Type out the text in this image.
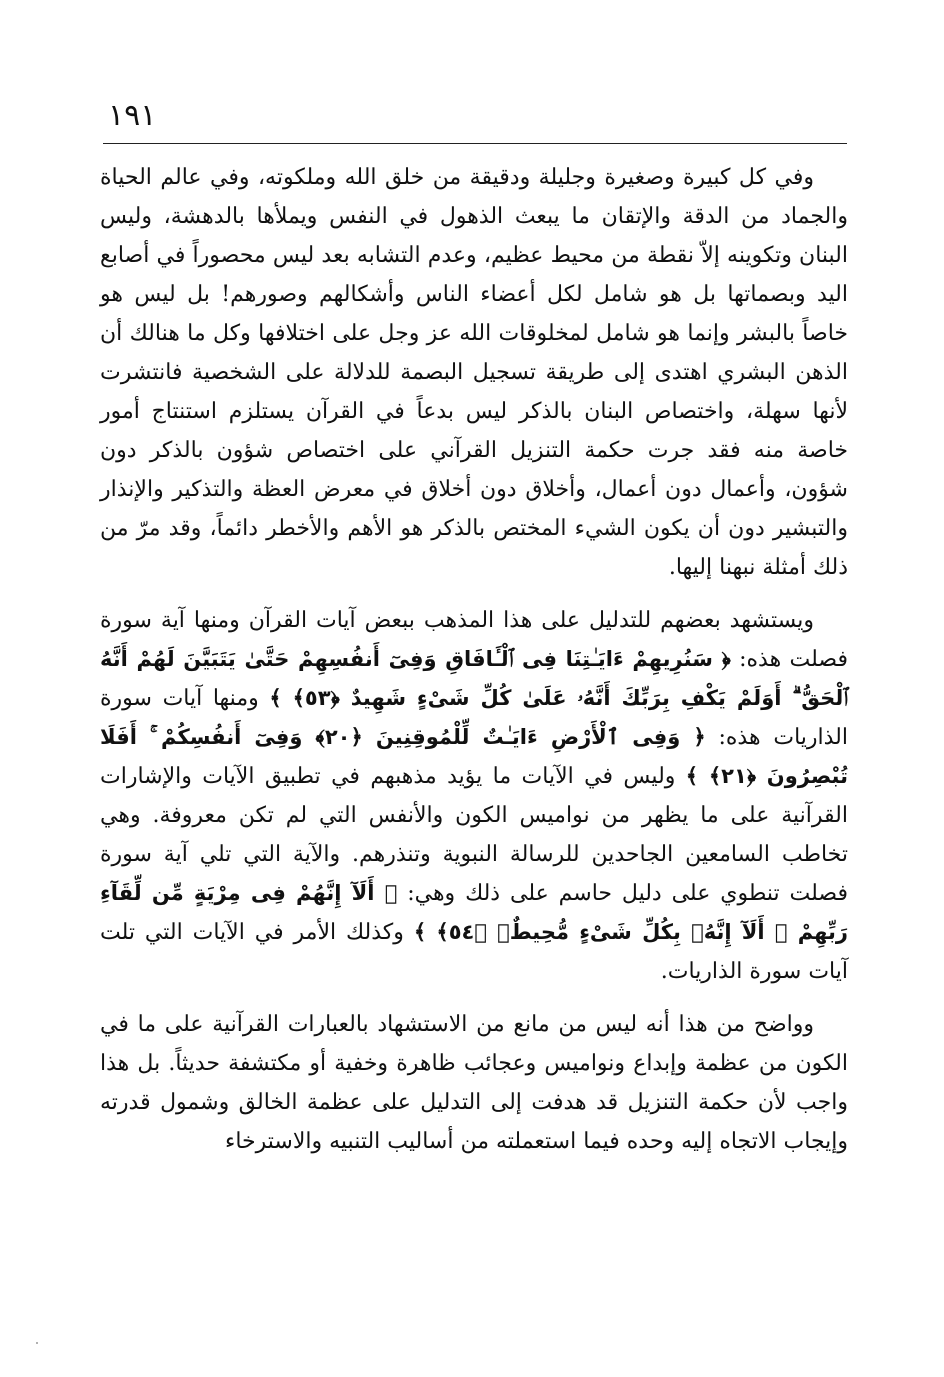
١٩١

وفي كل كبيرة وصغيرة وجليلة ودقيقة من خلق الله وملكوته، وفي عالم الحياة والجماد من الدقة والإتقان ما يبعث الذهول في النفس ويملأها بالدهشة، وليس البنان وتكوينه إلاّ نقطة من محيط عظيم، وعدم التشابه بعد ليس محصوراً في أصابع اليد وبصماتها بل هو شامل لكل أعضاء الناس وأشكالهم وصورهم! بل ليس هو خاصاً بالبشر وإنما هو شامل لمخلوقات الله عز وجل على اختلافها وكل ما هنالك أن الذهن البشري اهتدى إلى طريقة تسجيل البصمة للدلالة على الشخصية فانتشرت لأنها سهلة، واختصاص البنان بالذكر ليس بدعاً في القرآن يستلزم استنتاج أمور خاصة منه فقد جرت حكمة التنزيل القرآني على اختصاص شؤون بالذكر دون شؤون، وأعمال دون أعمال، وأخلاق دون أخلاق في معرض العظة والتذكير والإنذار والتبشير دون أن يكون الشيء المختص بالذكر هو الأهم والأخطر دائماً، وقد مرّ من ذلك أمثلة نبهنا إليها.

ويستشهد بعضهم للتدليل على هذا المذهب ببعض آيات القرآن ومنها آية سورة فصلت هذه: ﴿ سَنُرِيهِمْ ءَايَـٰتِنَا فِى ٱلْـَٔافَاقِ وَفِىٓ أَنفُسِهِمْ حَتَّىٰ يَتَبَيَّنَ لَهُمْ أَنَّهُ ٱلْحَقُّ ۗ أَوَلَمْ يَكْفِ بِرَبِّكَ أَنَّهُۥ عَلَىٰ كُلِّ شَىْءٍ شَهِيدٌ ﴿٥٣﴾ ﴾ ومنها آيات سورة الذاريات هذه: ﴿ وَفِى ٱلْأَرْضِ ءَايَـٰتٌ لِّلْمُوقِنِينَ ﴿٢٠﴾ وَفِىٓ أَنفُسِكُمْ ۚ أَفَلَا تُبْصِرُونَ ﴿٢١﴾ ﴾ وليس في الآيات ما يؤيد مذهبهم في تطبيق الآيات والإشارات القرآنية على ما يظهر من نواميس الكون والأنفس التي لم تكن معروفة. وهي تخاطب السامعين الجاحدين للرسالة النبوية وتنذرهم. والآية التي تلي آية سورة فصلت تنطوي على دليل حاسم على ذلك وهي: ﴿ أَلَآ إِنَّهُمْ فِى مِرْيَةٍ مِّن لِّقَآءِ رَبِّهِمْ ۗ أَلَآ إِنَّهُۥ بِكُلِّ شَىْءٍ مُّحِيطٌۢ ﴿٥٤﴾ ﴾ وكذلك الأمر في الآيات التي تلت آيات سورة الذاريات.

وواضح من هذا أنه ليس من مانع من الاستشهاد بالعبارات القرآنية على ما في الكون من عظمة وإبداع ونواميس وعجائب ظاهرة وخفية أو مكتشفة حديثاً. بل هذا واجب لأن حكمة التنزيل قد هدفت إلى التدليل على عظمة الخالق وشمول قدرته وإيجاب الاتجاه إليه وحده فيما استعملته من أساليب التنبيه والاسترخاء
